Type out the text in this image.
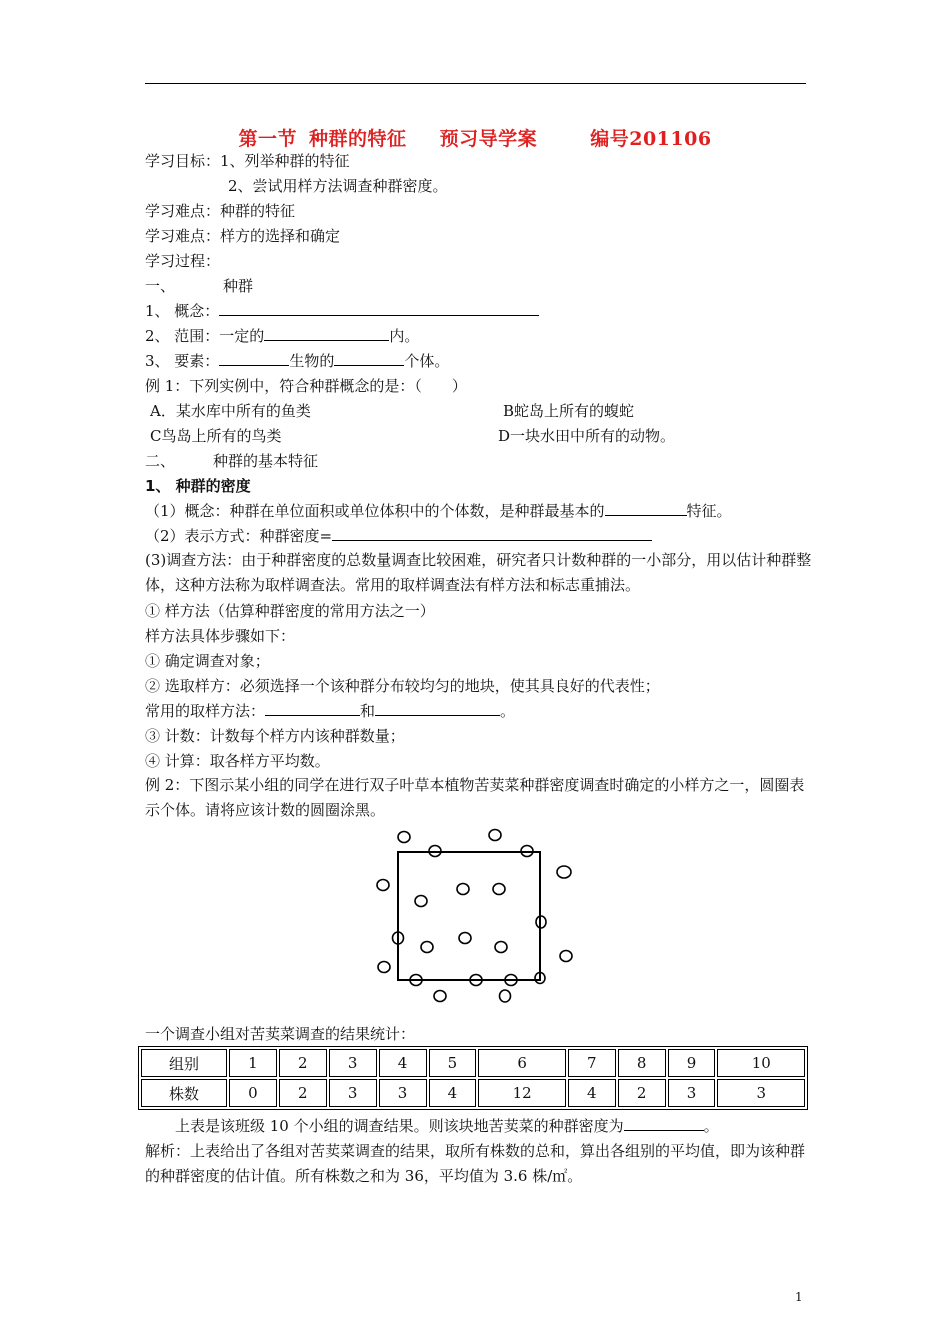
第一节 种群的特征 预习导学案	编号201106
学习目标：1、列举种群的特征
2、尝试用样方法调查种群密度。
学习难点：种群的特征
学习难点：样方的选择和确定
学习过程：
一、	种群
1、 概念：
2、 范围：一定的	内。
3、 要素：	生物的	个体。
例 1：下列实例中，符合种群概念的是：（　　）
A．某水库中所有的鱼类	B蛇岛上所有的蝮蛇
C鸟岛上所有的鸟类	D一块水田中所有的动物。
二、	种群的基本特征
1、 种群的密度
（1）概念：种群在单位面积或单位体积中的个体数，是种群最基本的	特征。
（2）表示方式：种群密度=
(3)调查方法：由于种群密度的总数量调查比较困难，研究者只计数种群的一小部分，用以估计种群整体，这种方法称为取样调查法。常用的取样调查法有样方法和标志重捕法。
① 样方法（估算种群密度的常用方法之一）
样方法具体步骤如下：
① 确定调查对象；
② 选取样方：必须选择一个该种群分布较均匀的地块，使其具良好的代表性；
常用的取样方法：	和	。
③ 计数：计数每个样方内该种群数量；
④ 计算：取各样方平均数。
例 2：下图示某小组的同学在进行双子叶草本植物苦荬菜种群密度调查时确定的小样方之一，圆圈表示个体。请将应该计数的圆圈涂黑。
一个调查小组对苦荬菜调查的结果统计：
组别	1	2	3	4	5	6	7	8	9	10
株数	0	2	3	3	4	12	4	2	3	3
上表是该班级 10 个小组的调查结果。则该块地苦荬菜的种群密度为	。
解析：上表给出了各组对苦荬菜调查的结果，取所有株数的总和，算出各组别的平均值，即为该种群的种群密度的估计值。所有株数之和为 36，平均值为 3.6 株/㎡。
1
